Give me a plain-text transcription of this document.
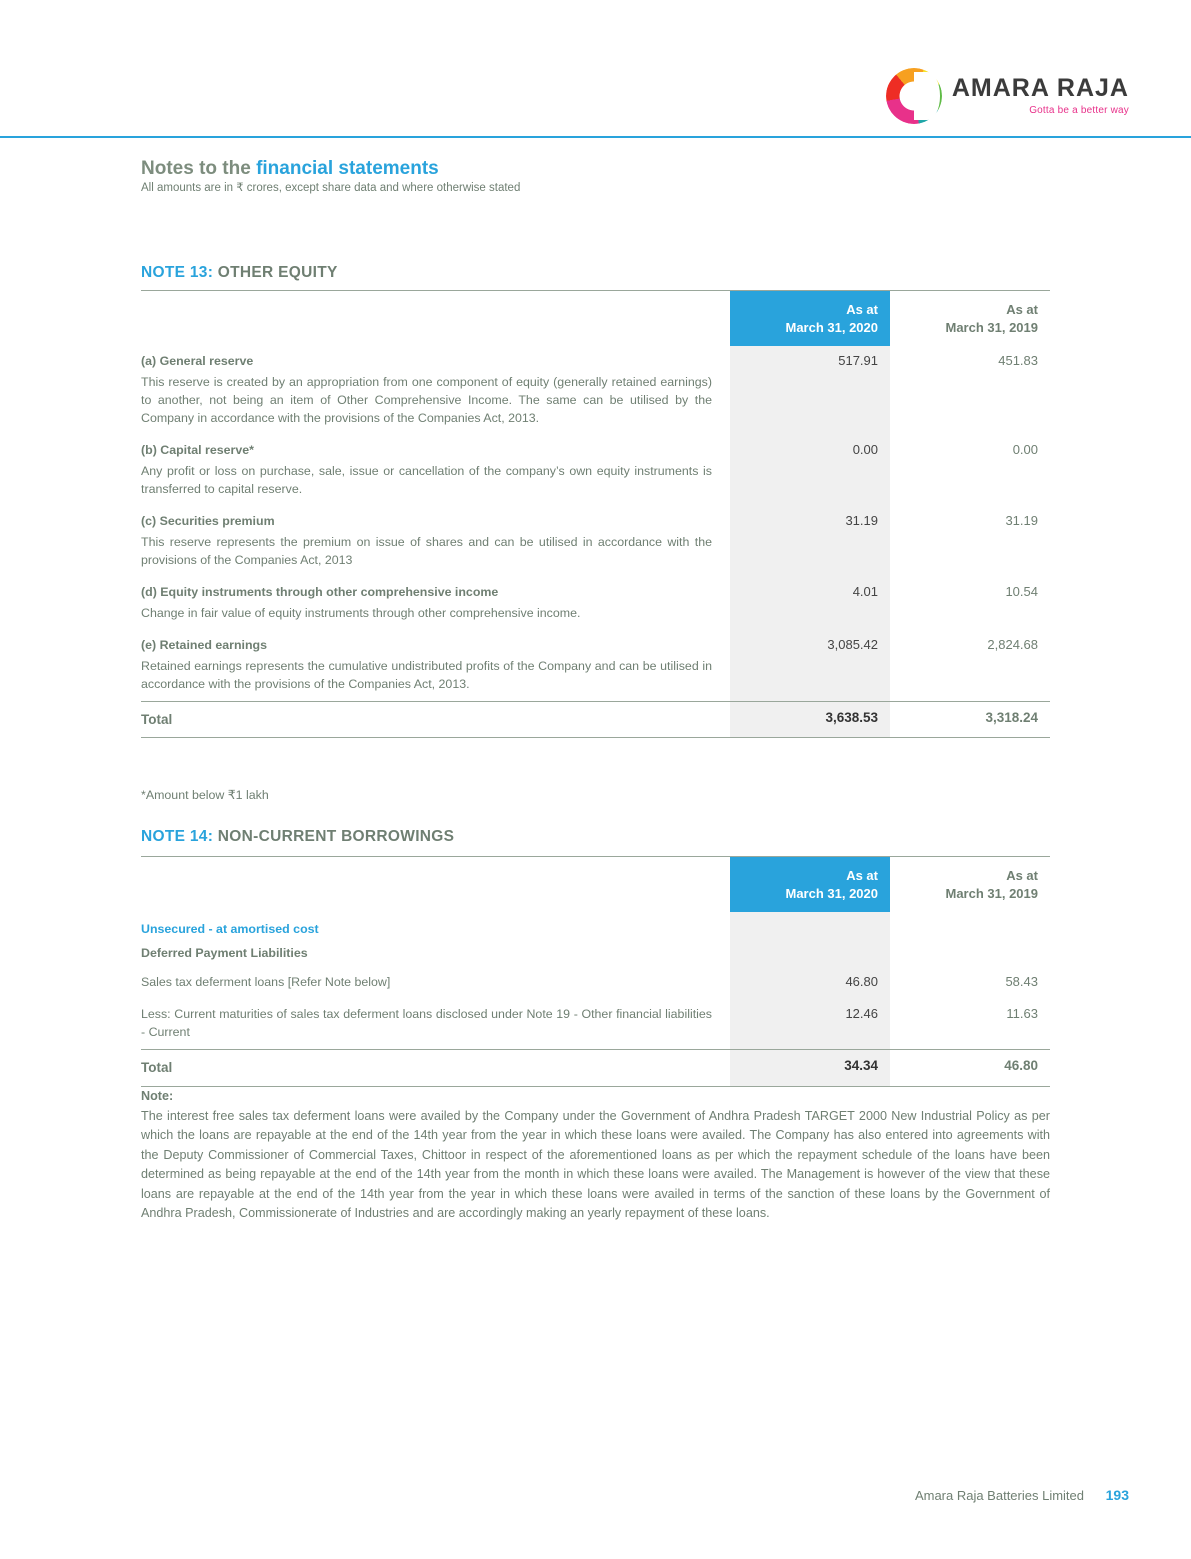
AMARA RAJA
Gotta be a better way
Notes to the financial statements
All amounts are in ₹ crores, except share data and where otherwise stated
NOTE 13: OTHER EQUITY

As at
March 31, 2020

As at
March 31, 2019

(a) General reserve
This reserve is created by an appropriation from one component of equity (generally retained earnings) to another, not being an item of Other Comprehensive Income. The same can be utilised by the Company in accordance with the provisions of the Companies Act, 2013.	517.91	451.83

(b) Capital reserve*
Any profit or loss on purchase, sale, issue or cancellation of the company’s own equity instruments is transferred to capital reserve.	0.00	0.00

(c) Securities premium
This reserve represents the premium on issue of shares and can be utilised in accordance with the provisions of the Companies Act, 2013	31.19	31.19

(d) Equity instruments through other comprehensive income
Change in fair value of equity instruments through other comprehensive income.	4.01	10.54

(e) Retained earnings
Retained earnings represents the cumulative undistributed profits of the Company and can be utilised in accordance with the provisions of the Companies Act, 2013.	3,085.42	2,824.68
Total	3,638.53	3,318.24
*Amount below ₹1 lakh
NOTE 14: NON-CURRENT BORROWINGS

As at
March 31, 2020

As at
March 31, 2019

Unsecured - at amortised cost		
Deferred Payment Liabilities		
Sales tax deferment loans [Refer Note below]	46.80	58.43
Less: Current maturities of sales tax deferment loans disclosed under Note 19 - Other financial liabilities - Current	12.46	11.63
Total	34.34	46.80
Note:
The interest free sales tax deferment loans were availed by the Company under the Government of Andhra Pradesh TARGET 2000 New Industrial Policy as per which the loans are repayable at the end of the 14th year from the year in which these loans were availed. The Company has also entered into agreements with the Deputy Commissioner of Commercial Taxes, Chittoor in respect of the aforementioned loans as per which the repayment schedule of the loans have been determined as being repayable at the end of the 14th year from the month in which these loans were availed. The Management is however of the view that these loans are repayable at the end of the 14th year from the year in which these loans were availed in terms of the sanction of these loans by the Government of Andhra Pradesh, Commissionerate of Industries and are accordingly making an yearly repayment of these loans.
Amara Raja Batteries Limited 193
